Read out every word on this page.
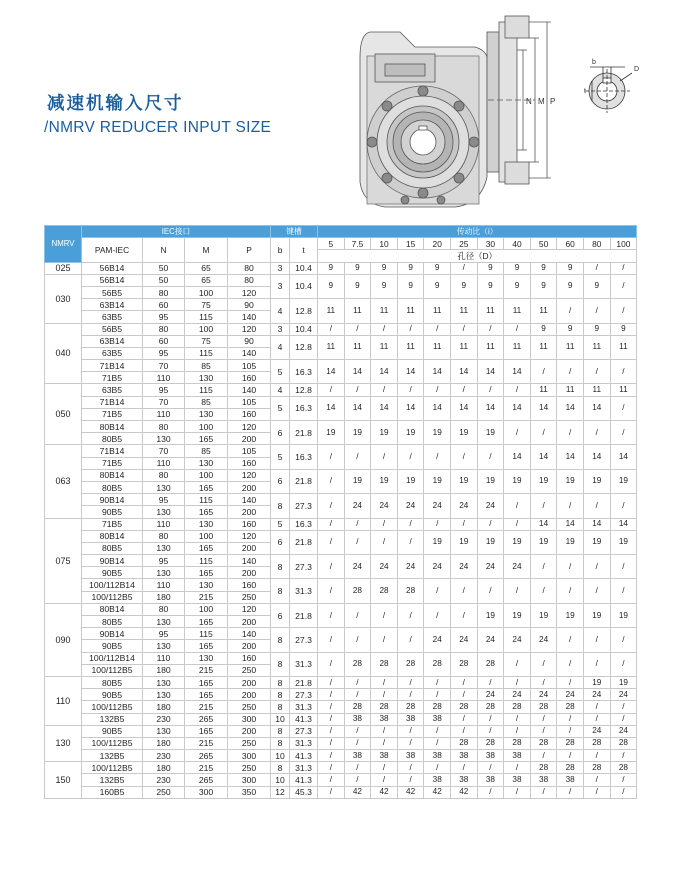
减速机输入尺寸
/NMRV REDUCER INPUT SIZE
N M P
b
D
t
NMRV	IEC接口				键槽		传动比（i）											
	PAM-IEC	N	M	P	b	t	5	7.5	10	15	20	25	30	40	50	60	80	100
							孔径（D）											
025	56B14	50	65	80	3	10.4	9	9	9	9	9	/	9	9	9	9	/	/
030	56B14	50	65	80	3	10.4	9	9	9	9	9	9	9	9	9	9	9	/
	56B5	80	100	120														
	63B14	60	75	90	4	12.8	11	11	11	11	11	11	11	11	11	/	/	/
	63B5	95	115	140														
040	56B5	80	100	120	3	10.4	/	/	/	/	/	/	/	/	9	9	9	9
	63B14	60	75	90	4	12.8	11	11	11	11	11	11	11	11	11	11	11	11
	63B5	95	115	140														
	71B14	70	85	105	5	16.3	14	14	14	14	14	14	14	14	/	/	/	/
	71B5	110	130	160														
050	63B5	95	115	140	4	12.8	/	/	/	/	/	/	/	/	11	11	11	11
	71B14	70	85	105	5	16.3	14	14	14	14	14	14	14	14	14	14	14	/
	71B5	110	130	160														
	80B14	80	100	120	6	21.8	19	19	19	19	19	19	19	/	/	/	/	/
	80B5	130	165	200														
063	71B14	70	85	105	5	16.3	/	/	/	/	/	/	/	14	14	14	14	14
	71B5	110	130	160														
	80B14	80	100	120	6	21.8	/	19	19	19	19	19	19	19	19	19	19	19
	80B5	130	165	200														
	90B14	95	115	140	8	27.3	/	24	24	24	24	24	24	/	/	/	/	/
	90B5	130	165	200														
075	71B5	110	130	160	5	16.3	/	/	/	/	/	/	/	/	14	14	14	14
	80B14	80	100	120	6	21.8	/	/	/	/	19	19	19	19	19	19	19	19
	80B5	130	165	200														
	90B14	95	115	140	8	27.3	/	24	24	24	24	24	24	24	/	/	/	/
	90B5	130	165	200														
	100/112B14	110	130	160	8	31.3	/	28	28	28	/	/	/	/	/	/	/	/
	100/112B5	180	215	250														
090	80B14	80	100	120	6	21.8	/	/	/	/	/	/	19	19	19	19	19	19
	80B5	130	165	200														
	90B14	95	115	140	8	27.3	/	/	/	/	24	24	24	24	24	/	/	/
	90B5	130	165	200														
	100/112B14	110	130	160	8	31.3	/	28	28	28	28	28	28	/	/	/	/	/
	100/112B5	180	215	250														
110	80B5	130	165	200	8	21.8	/	/	/	/	/	/	/	/	/	/	19	19
	90B5	130	165	200	8	27.3	/	/	/	/	/	/	24	24	24	24	24	24
	100/112B5	180	215	250	8	31.3	/	28	28	28	28	28	28	28	28	28	/	/
	132B5	230	265	300	10	41.3	/	38	38	38	38	/	/	/	/	/	/	/
130	90B5	130	165	200	8	27.3	/	/	/	/	/	/	/	/	/	/	24	24
	100/112B5	180	215	250	8	31.3	/	/	/	/	/	28	28	28	28	28	28	28
	132B5	230	265	300	10	41.3	/	38	38	38	38	38	38	38	/	/	/	/
150	100/112B5	180	215	250	8	31.3	/	/	/	/	/	/	/	/	28	28	28	28
	132B5	230	265	300	10	41.3	/	/	/	/	38	38	38	38	38	38	/	/
	160B5	250	300	350	12	45.3	/	42	42	42	42	42	/	/	/	/	/	/
